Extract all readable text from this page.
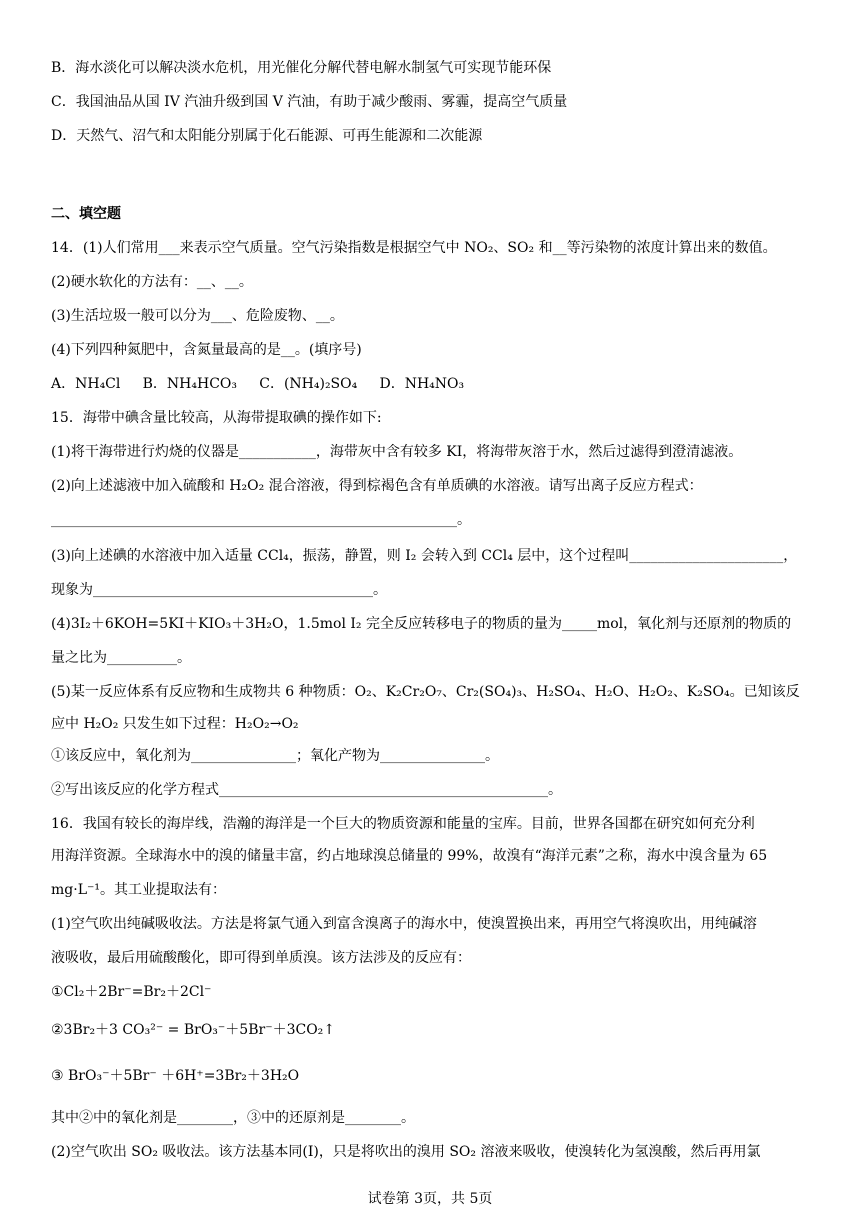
B．海水淡化可以解决淡水危机，用光催化分解代替电解水制氢气可实现节能环保
C．我国油品从国 IV 汽油升级到国 V 汽油，有助于减少酸雨、雾霾，提高空气质量
D．天然气、沼气和太阳能分别属于化石能源、可再生能源和二次能源
二、填空题
14．(1)人们常用___来表示空气质量。空气污染指数是根据空气中 NO₂、SO₂ 和__等污染物的浓度计算出来的数值。
(2)硬水软化的方法有：__、__。
(3)生活垃圾一般可以分为___、危险废物、__。
(4)下列四种氮肥中，含氮量最高的是__。(填序号)
A．NH₄Cl     B．NH₄HCO₃     C．(NH₄)₂SO₄     D．NH₄NO₃
15．海带中碘含量比较高，从海带提取碘的操作如下:
(1)将干海带进行灼烧的仪器是___________，海带灰中含有较多 KI，将海带灰溶于水，然后过滤得到澄清滤液。
(2)向上述滤液中加入硫酸和 H₂O₂ 混合溶液，得到棕褐色含有单质碘的水溶液。请写出离子反应方程式：
__________________________________________________________。
(3)向上述碘的水溶液中加入适量 CCl₄，振荡，静置，则 I₂ 会转入到 CCl₄ 层中，这个过程叫______________________，
现象为________________________________________。
(4)3I₂＋6KOH=5KI＋KIO₃＋3H₂O，1.5mol I₂ 完全反应转移电子的物质的量为_____mol，氧化剂与还原剂的物质的
量之比为__________。
(5)某一反应体系有反应物和生成物共 6 种物质：O₂、K₂Cr₂O₇、Cr₂(SO₄)₃、H₂SO₄、H₂O、H₂O₂、K₂SO₄。已知该反
应中 H₂O₂ 只发生如下过程：H₂O₂→O₂
①该反应中，氧化剂为_______________；氧化产物为_______________。
②写出该反应的化学方程式_______________________________________________。
16．我国有较长的海岸线，浩瀚的海洋是一个巨大的物质资源和能量的宝库。目前，世界各国都在研究如何充分利
用海洋资源。全球海水中的溴的储量丰富，约占地球溴总储量的 99%，故溴有“海洋元素”之称，海水中溴含量为 65
mg·L⁻¹。其工业提取法有：
(1)空气吹出纯碱吸收法。方法是将氯气通入到富含溴离子的海水中，使溴置换出来，再用空气将溴吹出，用纯碱溶
液吸收，最后用硫酸酸化，即可得到单质溴。该方法涉及的反应有：
①Cl₂＋2Br⁻=Br₂＋2Cl⁻
②3Br₂＋3 CO₃²⁻ = BrO₃⁻＋5Br⁻＋3CO₂↑
③ BrO₃⁻＋5Br⁻ ＋6H⁺=3Br₂＋3H₂O
其中②中的氧化剂是________，③中的还原剂是________。
(2)空气吹出 SO₂ 吸收法。该方法基本同(Ⅰ)，只是将吹出的溴用 SO₂ 溶液来吸收，使溴转化为氢溴酸，然后再用氯
试卷第 3页，共 5页
